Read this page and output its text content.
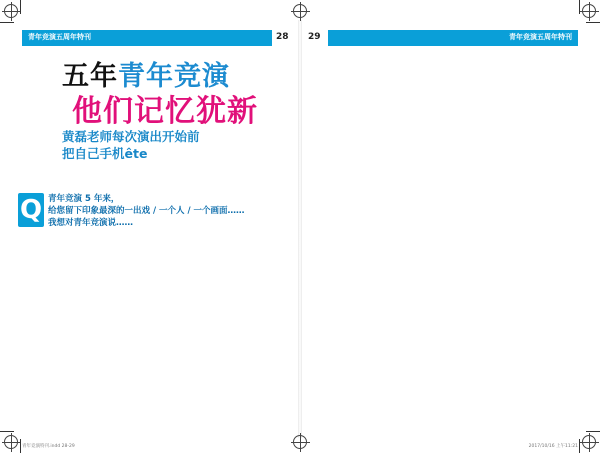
青年竞演五周年特刊	28 29	青年竞演五周年特刊
五年青年竞演
他们记忆犹新
黄磊老师每次演出开始前
把自己手机ête
Q 青年竞演 5 年来，
给您留下印象最深的一出戏 / 一个人 / 一个画面……
我想对青年竞演说……
青年竞演特刊.indd 28-29	2017/10/16 上午11:21
